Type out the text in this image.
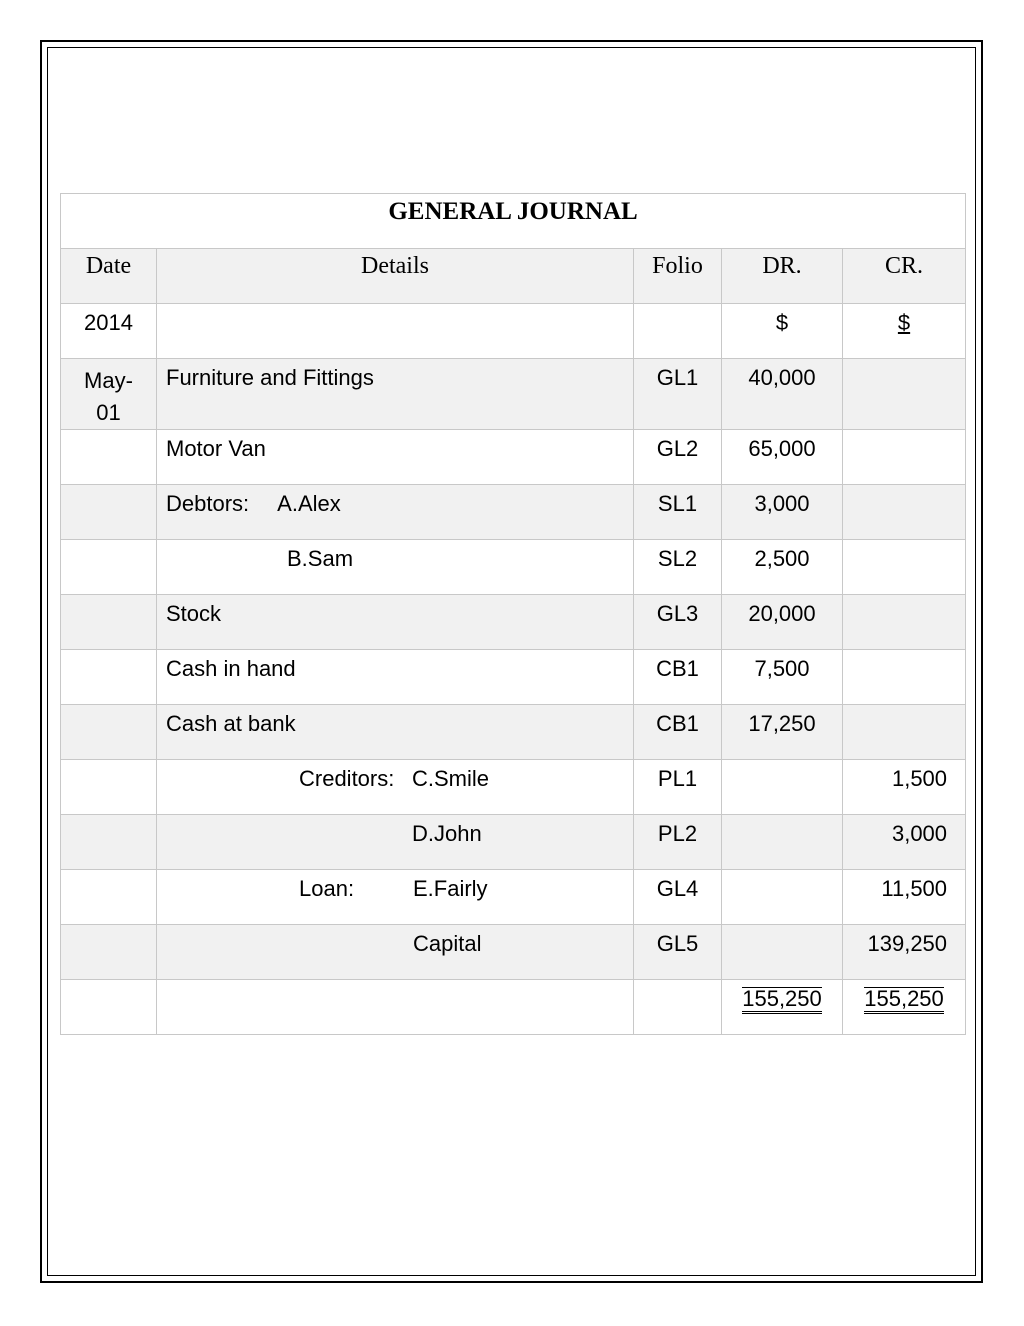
GENERAL JOURNAL				
Date	Details	Folio	DR.	CR.
2014			$	$

May-
01	Furniture and Fittings	GL1	40,000	
	Motor Van	GL2	65,000	
	Debtors: A.Alex	SL1	3,000	

	B.Sam	SL2	2,500	
	Stock	GL3	20,000	
	Cash in hand	CB1	7,500	
	Cash at bank	CB1	17,250	

	Creditors: C.Smile	PL1		1,500

	D.John	PL2		3,000

	Loan: E.Fairly	GL4		11,500

	Capital	GL5		139,250
			155,250	155,250
